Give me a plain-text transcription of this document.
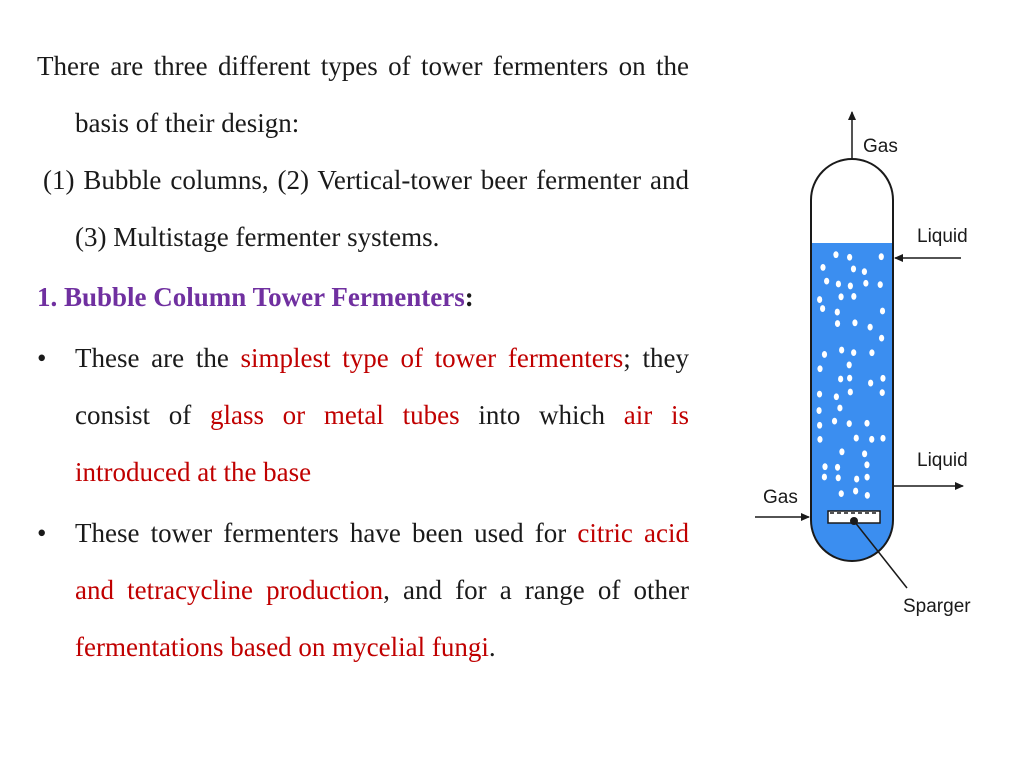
There are three different types of tower fermenters on the basis of their design:

(1) Bubble columns, (2) Vertical-tower beer fermenter and (3) Multistage fermenter systems.

1. Bubble Column Tower Fermenters:
• These are the simplest type of tower fermenters; they consist of glass or metal tubes into which air is introduced at the base

• These tower fermenters have been used for citric acid and tetracycline production, and for a range of other fermentations based on mycelial fungi.

Gas
Liquid
Liquid
Gas
Sparger
